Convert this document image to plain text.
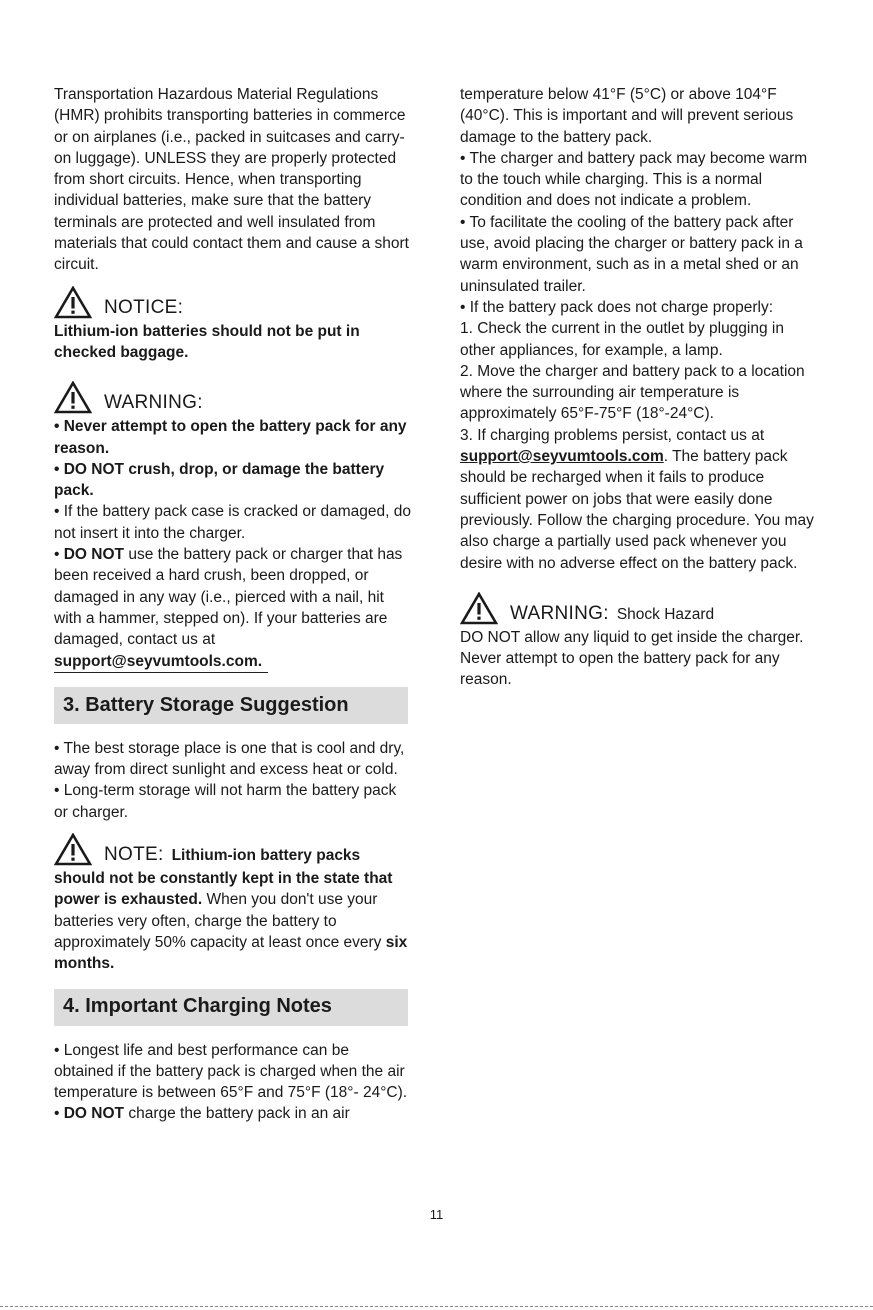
Transportation Hazardous Material Regulations (HMR) prohibits transporting batteries in commerce or on airplanes (i.e., packed in suitcases and carry-on luggage). UNLESS they are properly protected from short circuits. Hence, when transporting individual batteries, make sure that the battery terminals are protected and well insulated from materials that could contact them and cause a short circuit.

NOTICE:

Lithium-ion batteries should not be put in checked baggage.

WARNING:

• Never attempt to open the battery pack for any reason.

• DO NOT crush, drop, or damage the battery pack.

• If the battery pack case is cracked or damaged, do not insert it into the charger.

• DO NOT use the battery pack or charger that has been received a hard crush, been dropped, or damaged in any way (i.e., pierced with a nail, hit with a hammer, stepped on). If your batteries are damaged, contact us at

support@seyvumtools.com.
3. Battery Storage Suggestion

• The best storage place is one that is cool and dry, away from direct sunlight and excess heat or cold.

• Long-term storage will not harm the battery pack or charger.

NOTE: Lithium-ion battery packs

should not be constantly kept in the state that power is exhausted. When you don't use your batteries very often, charge the battery to approximately 50% capacity at least once every six months.

4. Important Charging Notes

• Longest life and best performance can be obtained if the battery pack is charged when the air temperature is between 65°F and 75°F (18°- 24°C).

• DO NOT charge the battery pack in an air

temperature below 41°F (5°C) or above 104°F (40°C). This is important and will prevent serious damage to the battery pack.

• The charger and battery pack may become warm to the touch while charging. This is a normal condition and does not indicate a problem.

• To facilitate the cooling of the battery pack after use, avoid placing the charger or battery pack in a warm environment, such as in a metal shed or an uninsulated trailer.

• If the battery pack does not charge properly:

1. Check the current in the outlet by plugging in other appliances, for example, a lamp.

2. Move the charger and battery pack to a location where the surrounding air temperature is approximately 65°F-75°F (18°-24°C).

3. If charging problems persist, contact us at support@seyvumtools.com. The battery pack should be recharged when it fails to produce sufficient power on jobs that were easily done previously. Follow the charging procedure. You may also charge a partially used pack whenever you desire with no adverse effect on the battery pack.

WARNING: Shock Hazard

DO NOT allow any liquid to get inside the charger. Never attempt to open the battery pack for any reason.

11
